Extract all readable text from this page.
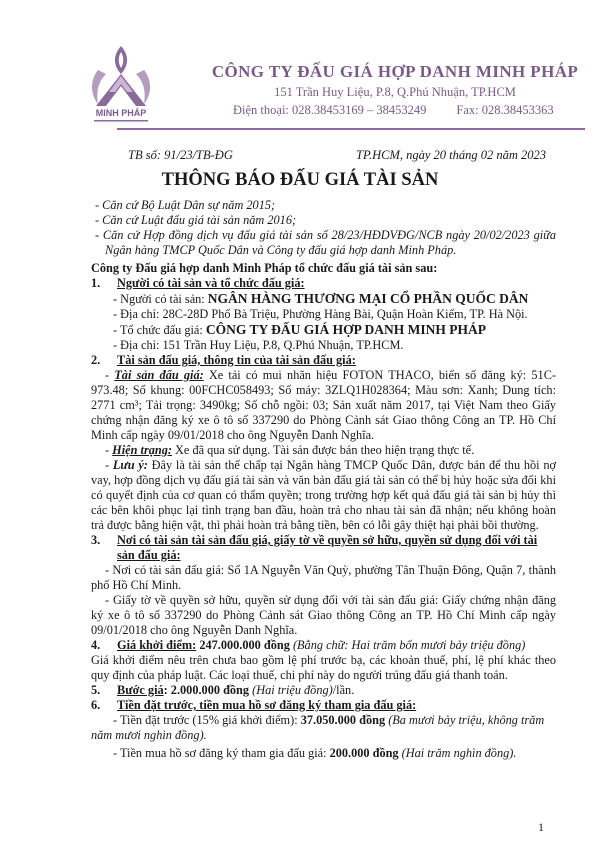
MINH PHÁP
CÔNG TY ĐẤU GIÁ HỢP DANH MINH PHÁP
151 Trần Huy Liệu, P.8, Q.Phú Nhuận, TP.HCM
Điện thoại: 028.38453169 – 38453249 Fax: 028.38453363
TB số: 91/23/TB-ĐG	TP.HCM, ngày 20 tháng 02 năm 2023
THÔNG BÁO ĐẤU GIÁ TÀI SẢN

- Căn cứ Bộ Luật Dân sự năm 2015;

- Căn cứ Luật đấu giá tài sản năm 2016;

- Căn cứ Hợp đồng dịch vụ đấu giá tài sản số 28/23/HĐDVĐG/NCB ngày 20/02/2023 giữa Ngân hàng TMCP Quốc Dân và Công ty đấu giá hợp danh Minh Pháp.

Công ty Đấu giá hợp danh Minh Pháp tổ chức đấu giá tài sản sau:

1.	Người có tài sản và tổ chức đấu giá:

- Người có tài sản: NGÂN HÀNG THƯƠNG MẠI CỔ PHẦN QUỐC DÂN

- Địa chỉ: 28C-28D Phố Bà Triệu, Phường Hàng Bài, Quận Hoàn Kiếm, TP. Hà Nội.

- Tổ chức đấu giá: CÔNG TY ĐẤU GIÁ HỢP DANH MINH PHÁP

- Địa chỉ: 151 Trần Huy Liệu, P.8, Q.Phú Nhuận, TP.HCM.

2.	Tài sản đấu giá, thông tin của tài sản đấu giá:

- Tài sản đấu giá: Xe tải có mui nhãn hiệu FOTON THACO, biển số đăng ký: 51C-973.48; Số khung: 00FCHC058493; Số máy: 3ZLQ1H028364; Màu sơn: Xanh; Dung tích: 2771 cm³; Tải trọng: 3490kg; Số chỗ ngồi: 03; Sản xuất năm 2017, tại Việt Nam theo Giấy chứng nhận đăng ký xe ô tô số 337290 do Phòng Cảnh sát Giao thông Công an TP. Hồ Chí Minh cấp ngày 09/01/2018 cho ông Nguyễn Danh Nghĩa.

- Hiện trạng: Xe đã qua sử dụng. Tài sản được bán theo hiện trạng thực tế.

- Lưu ý: Đây là tài sản thế chấp tại Ngân hàng TMCP Quốc Dân, được bán để thu hồi nợ vay, hợp đồng dịch vụ đấu giá tài sản và văn bản đấu giá tài sản có thể bị hủy hoặc sửa đổi khi có quyết định của cơ quan có thẩm quyền; trong trường hợp kết quả đấu giá tài sản bị hủy thì các bên khôi phục lại tình trạng ban đầu, hoàn trả cho nhau tài sản đã nhận; nếu không hoàn trả được bằng hiện vật, thì phải hoàn trả bằng tiền, bên có lỗi gây thiệt hại phải bồi thường.

3.	Nơi có tài sản tài sản đấu giá, giấy tờ về quyền sở hữu, quyền sử dụng đối với tài sản đấu giá:

- Nơi có tài sản đấu giá: Số 1A Nguyễn Văn Quỳ, phường Tân Thuận Đông, Quận 7, thành phố Hồ Chí Minh.

- Giấy tờ về quyền sở hữu, quyền sử dụng đối với tài sản đấu giá: Giấy chứng nhận đăng ký xe ô tô số 337290 do Phòng Cảnh sát Giao thông Công an TP. Hồ Chí Minh cấp ngày 09/01/2018 cho ông Nguyễn Danh Nghĩa.

4.	Giá khởi điểm: 247.000.000 đồng (Bằng chữ: Hai trăm bốn mươi bảy triệu đồng)

Giá khởi điểm nêu trên chưa bao gồm lệ phí trước bạ, các khoản thuế, phí, lệ phí khác theo quy định của pháp luật. Các loại thuế, chi phí này do người trúng đấu giá thanh toán.

5.	Bước giá: 2.000.000 đồng (Hai triệu đồng)/lần.
6.	Tiền đặt trước, tiền mua hồ sơ đăng ký tham gia đấu giá:

- Tiền đặt trước (15% giá khởi điểm): 37.050.000 đồng (Ba mươi bảy triệu, không trăm năm mươi nghìn đồng).

- Tiền mua hồ sơ đăng ký tham gia đấu giá: 200.000 đồng (Hai trăm nghìn đồng).

1
